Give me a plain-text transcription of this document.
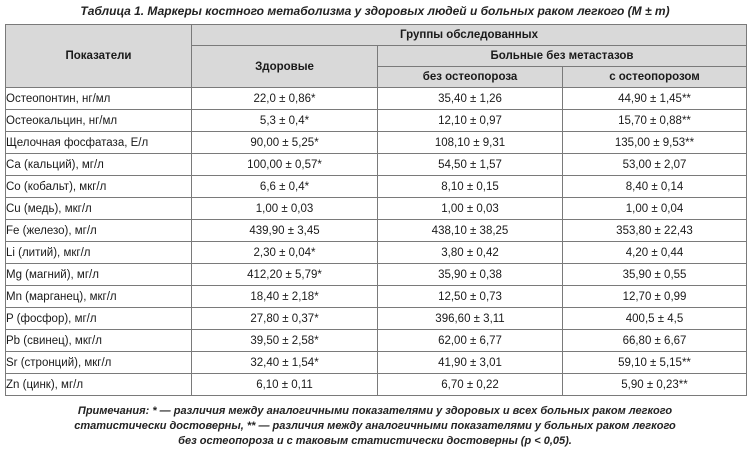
Таблица 1. Маркеры костного метаболизма у здоровых людей и больных раком легкого (M ± m)
Показатели	Группы обследованных		
	Здоровые	Больные без метастазов	
		без остеопороза	с остеопорозом
Остеопонтин, нг/мл	22,0 ± 0,86*	35,40 ± 1,26	44,90 ± 1,45**
Остеокальцин, нг/мл	5,3 ± 0,4*	12,10 ± 0,97	15,70 ± 0,88**
Щелочная фосфатаза, Е/л	90,00 ± 5,25*	108,10 ± 9,31	135,00 ± 9,53**
Са (кальций), мг/л	100,00 ± 0,57*	54,50 ± 1,57	53,00 ± 2,07
Со (кобальт), мкг/л	6,6 ± 0,4*	8,10 ± 0,15	8,40 ± 0,14
Cu (медь), мкг/л	1,00 ± 0,03	1,00 ± 0,03	1,00 ± 0,04
Fe (железо), мг/л	439,90 ± 3,45	438,10 ± 38,25	353,80 ± 22,43
Li (литий), мкг/л	2,30 ± 0,04*	3,80 ± 0,42	4,20 ± 0,44
Mg (магний), мг/л	412,20 ± 5,79*	35,90 ± 0,38	35,90 ± 0,55
Mn (марганец), мкг/л	18,40 ± 2,18*	12,50 ± 0,73	12,70 ± 0,99
P (фосфор), мг/л	27,80 ± 0,37*	396,60 ± 3,11	400,5 ± 4,5
Pb (свинец), мкг/л	39,50 ± 2,58*	62,00 ± 6,77	66,80 ± 6,67
Sr (стронций), мкг/л	32,40 ± 1,54*	41,90 ± 3,01	59,10 ± 5,15**
Zn (цинк), мг/л	6,10 ± 0,11	6,70 ± 0,22	5,90 ± 0,23**
Примечания: * — различия между аналогичными показателями у здоровых и всех больных раком легкого
статистически достоверны, ** — различия между аналогичными показателями у больных раком легкого
без остеопороза и с таковым статистически достоверны (p < 0,05).
